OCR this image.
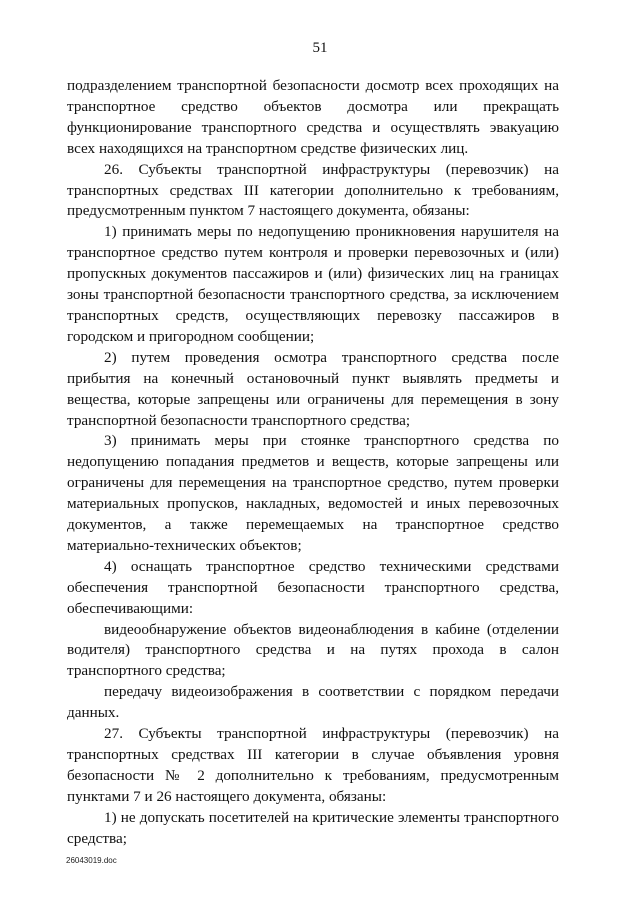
51

подразделением транспортной безопасности досмотр всех проходящих на транспортное средство объектов досмотра или прекращать функционирование транспортного средства и осуществлять эвакуацию всех находящихся на транспортном средстве физических лиц.

26. Субъекты транспортной инфраструктуры (перевозчик) на транспортных средствах III категории дополнительно к требованиям, предусмотренным пунктом 7 настоящего документа, обязаны:

1) принимать меры по недопущению проникновения нарушителя на транспортное средство путем контроля и проверки перевозочных и (или) пропускных документов пассажиров и (или) физических лиц на границах зоны транспортной безопасности транспортного средства, за исключением транспортных средств, осуществляющих перевозку пассажиров в городском и пригородном сообщении;

2) путем проведения осмотра транспортного средства после прибытия на конечный остановочный пункт выявлять предметы и вещества, которые запрещены или ограничены для перемещения в зону транспортной безопасности транспортного средства;

3) принимать меры при стоянке транспортного средства по недопущению попадания предметов и веществ, которые запрещены или ограничены для перемещения на транспортное средство, путем проверки материальных пропусков, накладных, ведомостей и иных перевозочных документов, а также перемещаемых на транспортное средство материально-технических объектов;

4) оснащать транспортное средство техническими средствами обеспечения транспортной безопасности транспортного средства, обеспечивающими:

видеообнаружение объектов видеонаблюдения в кабине (отделении водителя) транспортного средства и на путях прохода в салон транспортного средства;

передачу видеоизображения в соответствии с порядком передачи данных.

27. Субъекты транспортной инфраструктуры (перевозчик) на транспортных средствах III категории в случае объявления уровня безопасности № 2 дополнительно к требованиям, предусмотренным пунктами 7 и 26 настоящего документа, обязаны:

1) не допускать посетителей на критические элементы транспортного средства;

26043019.doc
